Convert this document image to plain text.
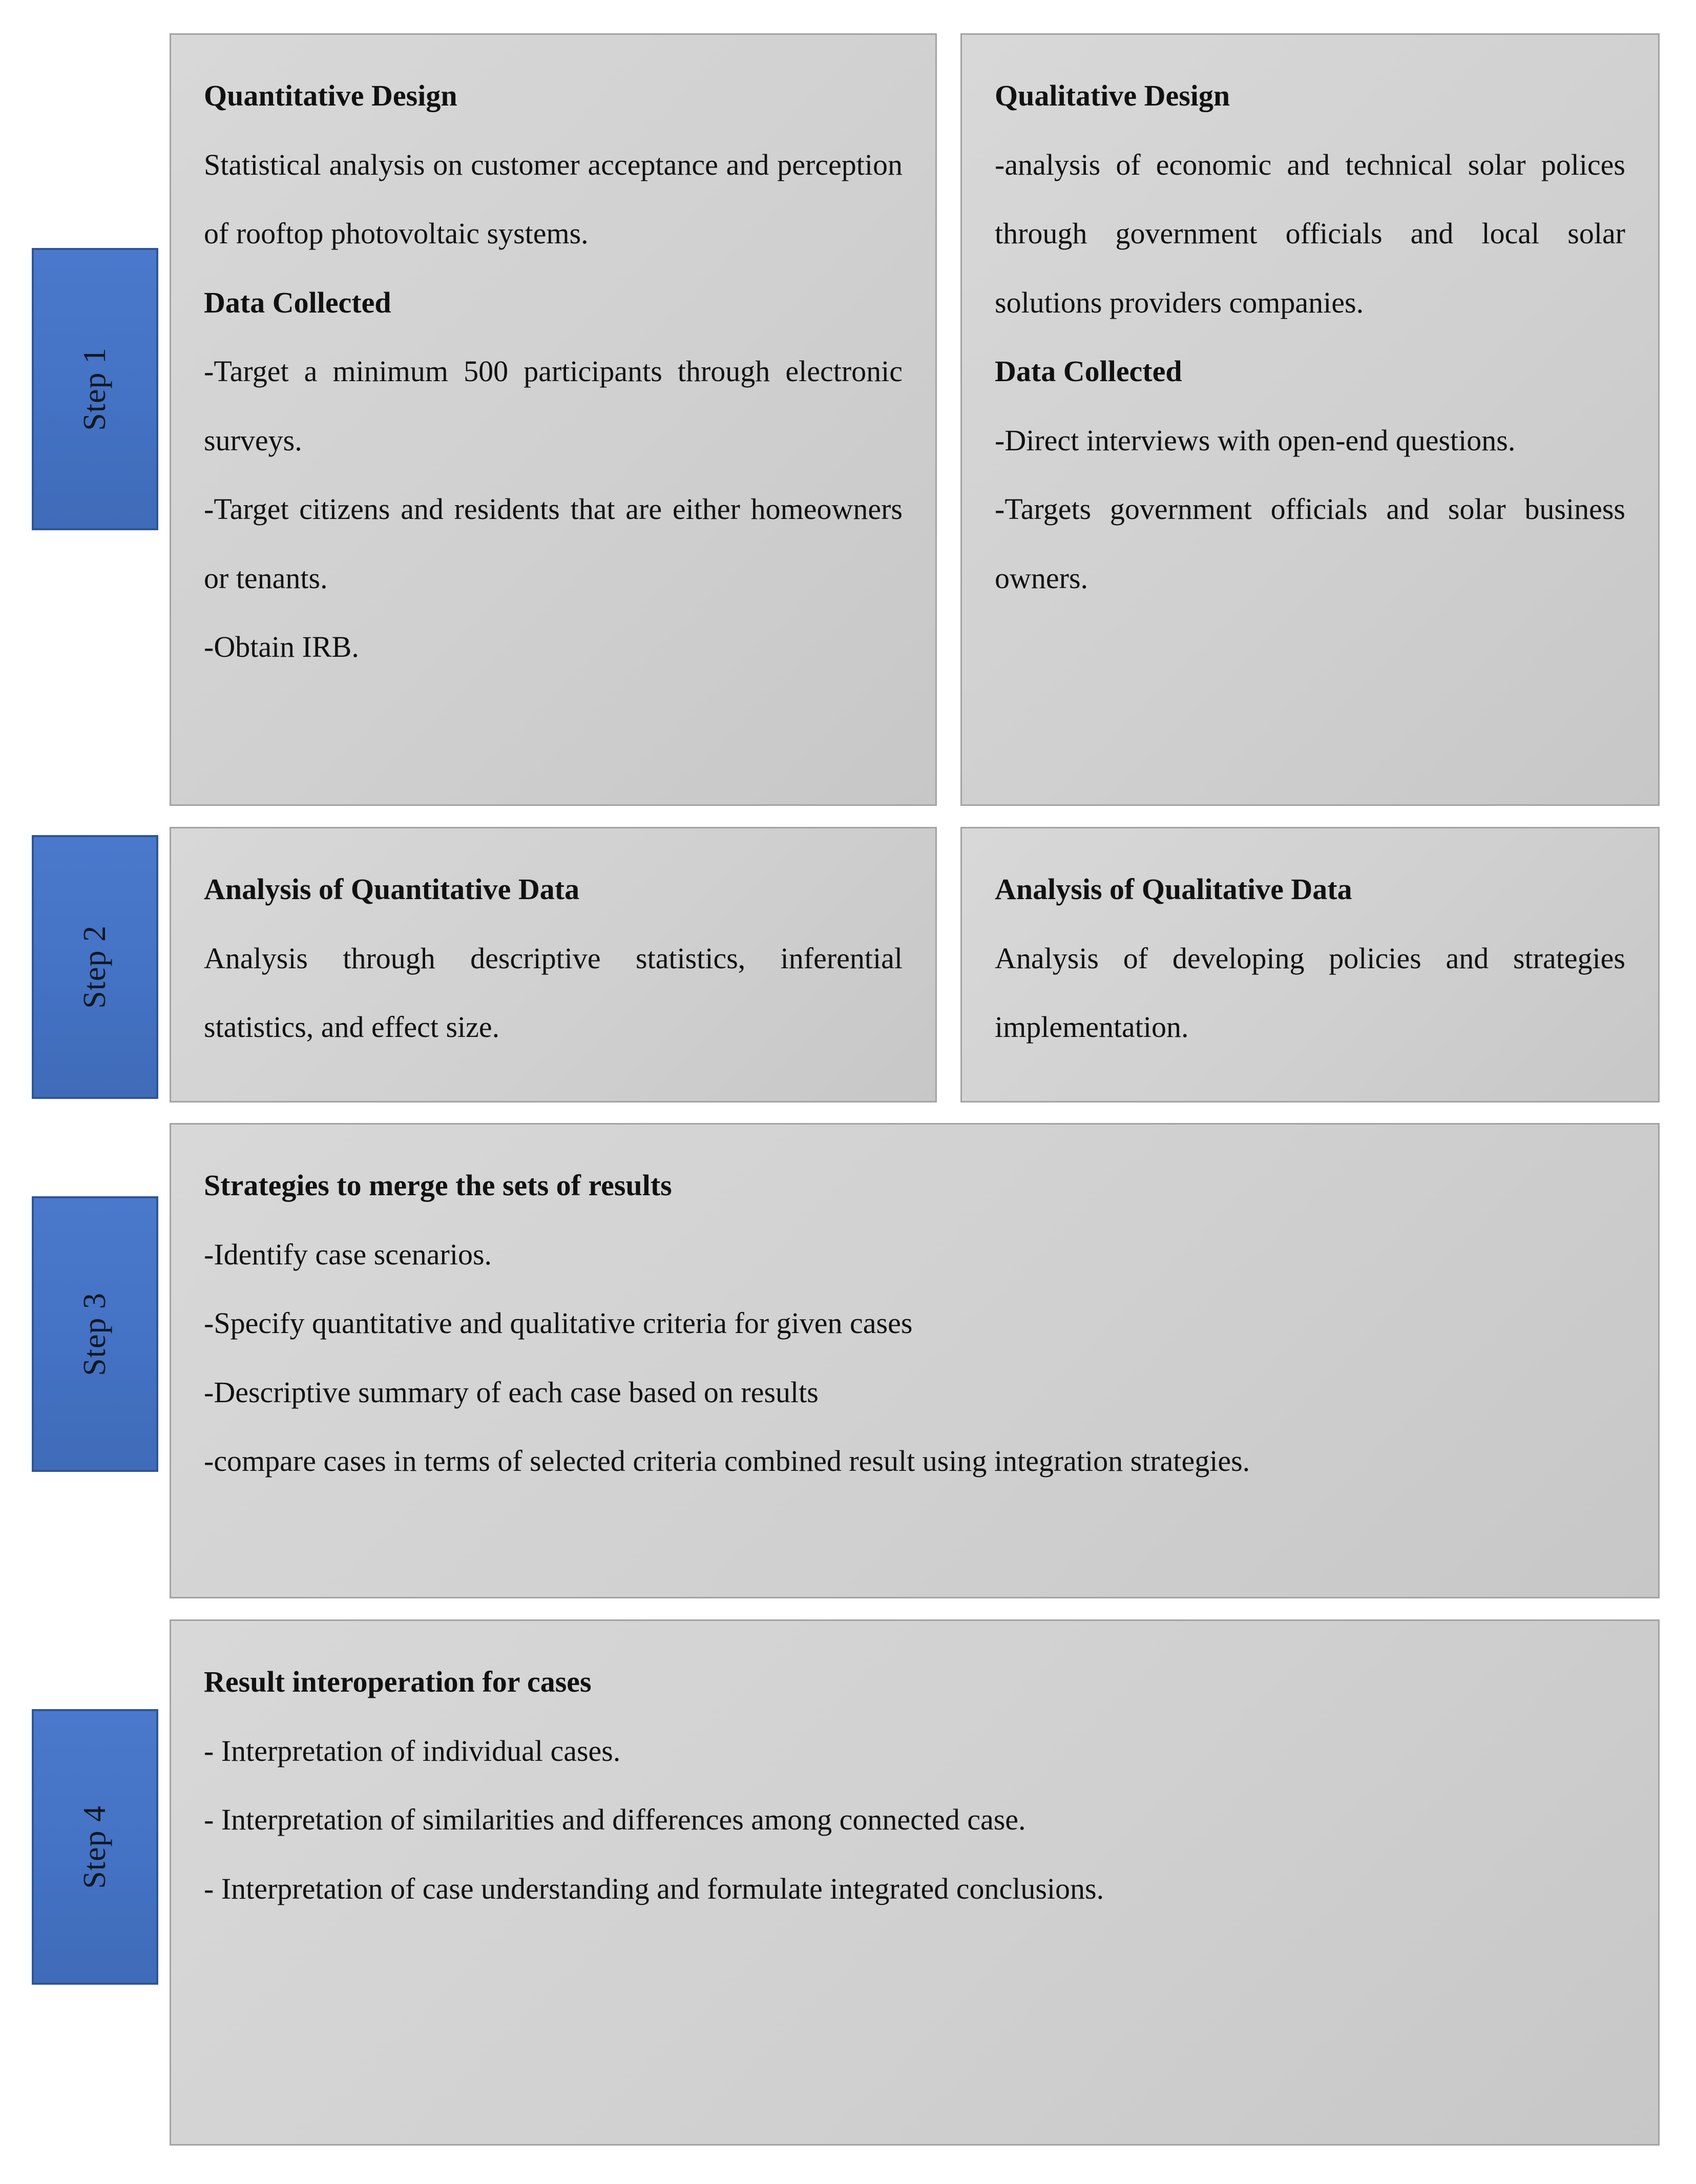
Step 1
Step 2
Step 3
Step 4

Quantitative Design

Statistical analysis on customer acceptance and perception of rooftop photovoltaic systems.

Data Collected

-Target a minimum 500 participants through electronic surveys.

-Target citizens and residents that are either homeowners or tenants.

-Obtain IRB.

Qualitative Design

-analysis of economic and technical solar polices through government officials and local solar solutions providers companies.

Data Collected

-Direct interviews with open-end questions.

-Targets government officials and solar business owners.

Analysis of Quantitative Data

Analysis through descriptive statistics, inferential statistics, and effect size.

Analysis of Qualitative Data

Analysis of developing policies and strategies implementation.

Strategies to merge the sets of results

-Identify case scenarios.

-Specify quantitative and qualitative criteria for given cases

-Descriptive summary of each case based on results

-compare cases in terms of selected criteria combined result using integration strategies.

Result interoperation for cases

- Interpretation of individual cases.

- Interpretation of similarities and differences among connected case.

- Interpretation of case understanding and formulate integrated conclusions.
